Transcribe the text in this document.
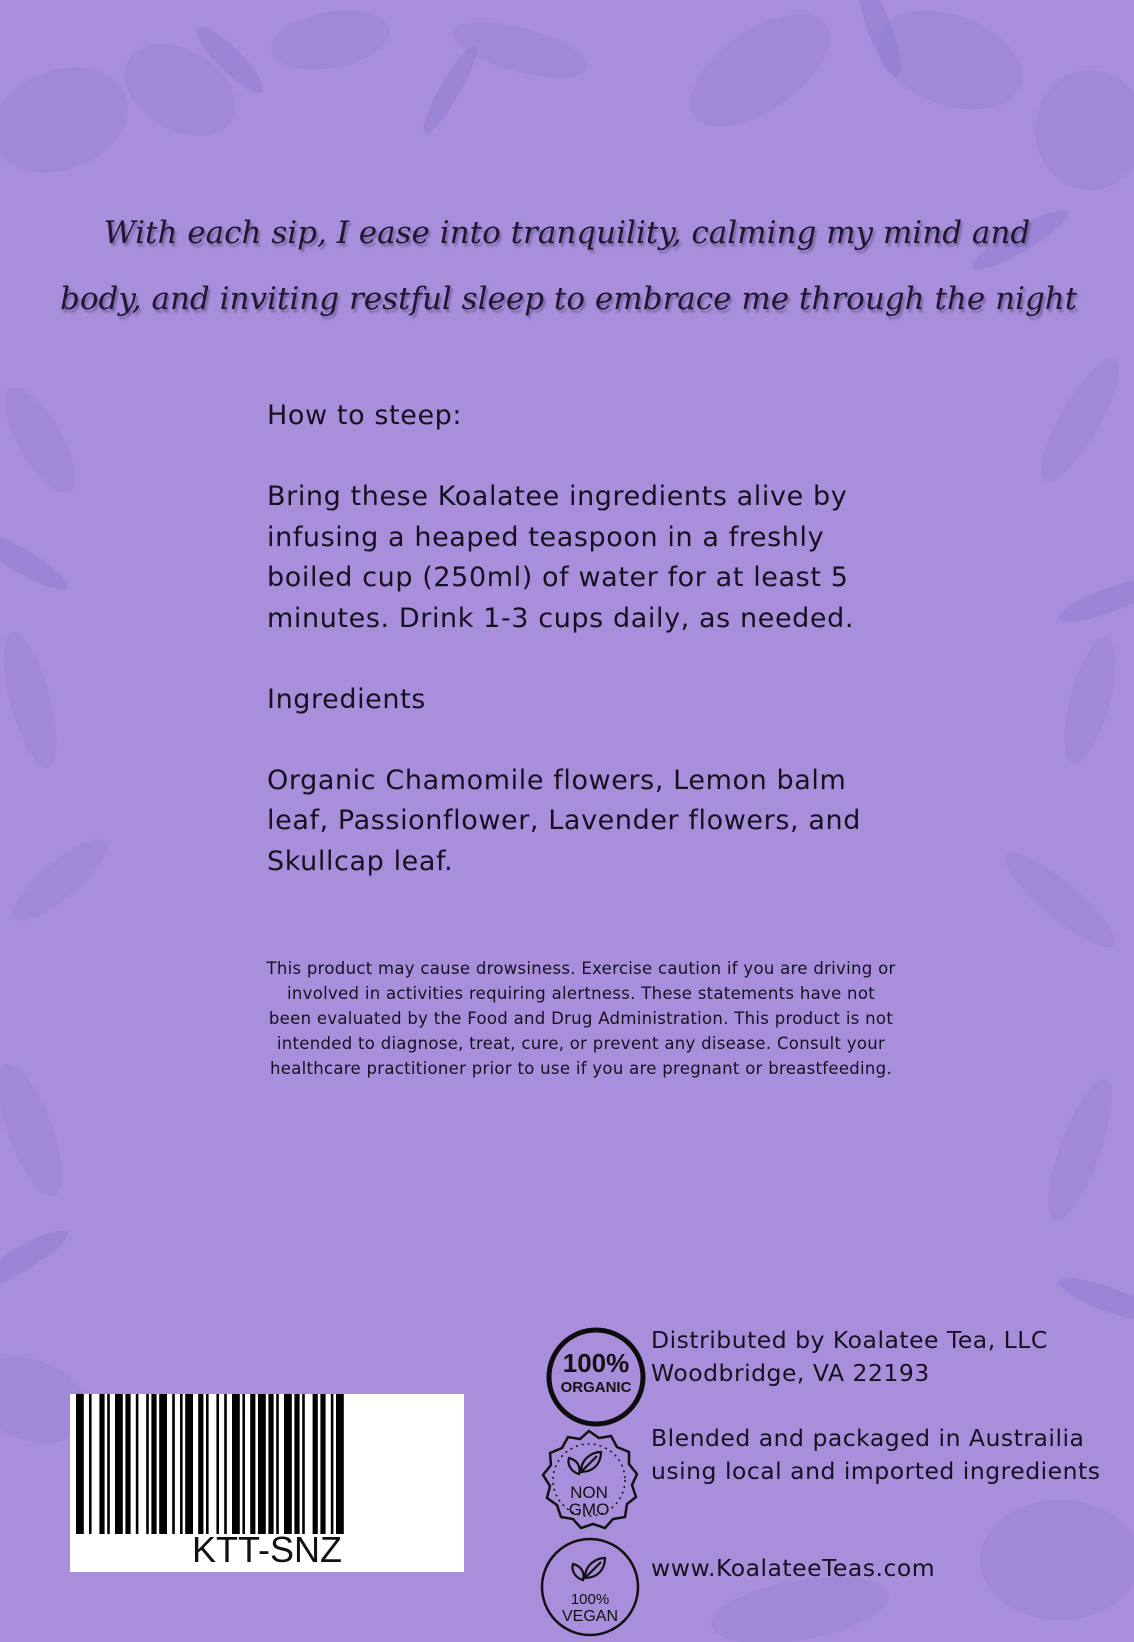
With each sip, I ease into tranquility, calming my mind and
body, and inviting restful sleep to embrace me through the night

How to steep:

Bring these Koalatee ingredients alive by infusing a heaped teaspoon in a freshly boiled cup (250ml) of water for at least 5 minutes. Drink 1-3 cups daily, as needed.

Ingredients

Organic Chamomile flowers, Lemon balm leaf, Passionflower, Lavender flowers, and Skullcap leaf.

This product may cause drowsiness. Exercise caution if you are driving or involved in activities requiring alertness. These statements have not been evaluated by the Food and Drug Administration. This product is not intended to diagnose, treat, cure, or prevent any disease. Consult your healthcare practitioner prior to use if you are pregnant or breastfeeding.
KTT-SNZ
100%
ORGANIC
NON
GMO
100%
VEGAN

Distributed by Koalatee Tea, LLC

Woodbridge, VA 22193

Blended and packaged in Austrailia using local and imported ingredients

www.KoalateeTeas.com
